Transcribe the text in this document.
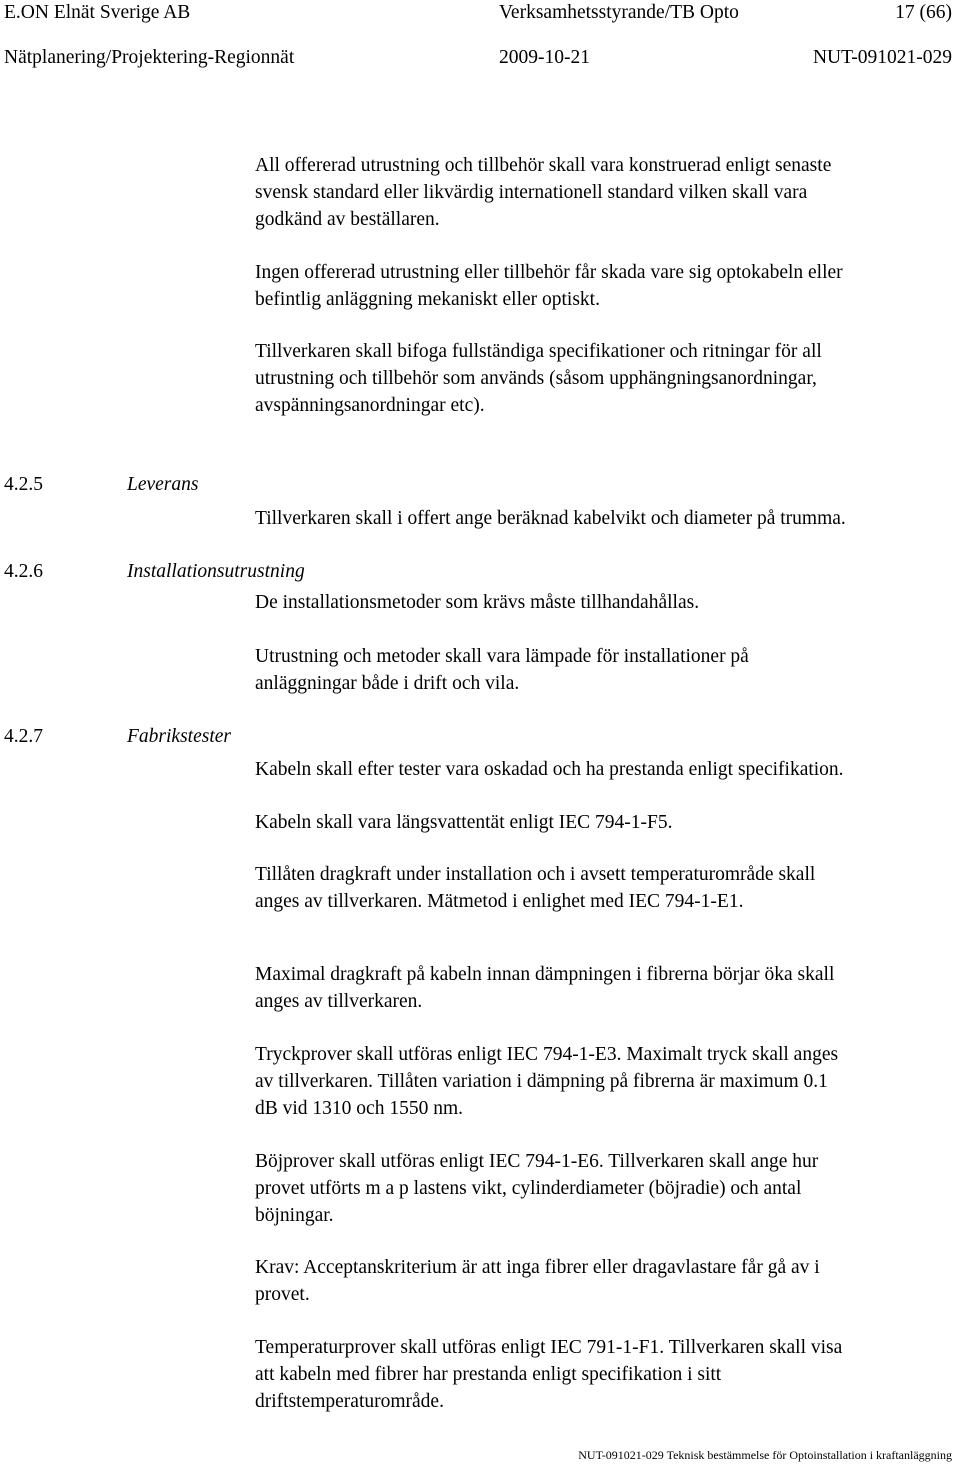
E.ON Elnät Sverige AB	Verksamhetsstyrande/TB Opto	17 (66)
Nätplanering/Projektering-Regionnät	2009-10-21	NUT-091021-029
All offererad utrustning och tillbehör skall vara konstruerad enligt senaste
svensk standard eller likvärdig internationell standard vilken skall vara
godkänd av beställaren.
Ingen offererad utrustning eller tillbehör får skada vare sig optokabeln eller
befintlig anläggning mekaniskt eller optiskt.
Tillverkaren skall bifoga fullständiga specifikationer och ritningar för all
utrustning och tillbehör som används (såsom upphängningsanordningar,
avspänningsanordningar etc).
4.2.5	Leverans
Tillverkaren skall i offert ange beräknad kabelvikt och diameter på trumma.
4.2.6	Installationsutrustning
De installationsmetoder som krävs måste tillhandahållas.
Utrustning och metoder skall vara lämpade för installationer på
anläggningar både i drift och vila.
4.2.7	Fabrikstester
Kabeln skall efter tester vara oskadad och ha prestanda enligt specifikation.
Kabeln skall vara längsvattentät enligt IEC 794-1-F5.
Tillåten dragkraft under installation och i avsett temperaturområde skall
anges av tillverkaren. Mätmetod i enlighet med IEC 794-1-E1.
Maximal dragkraft på kabeln innan dämpningen i fibrerna börjar öka skall
anges av tillverkaren.
Tryckprover skall utföras enligt IEC 794-1-E3. Maximalt tryck skall anges
av tillverkaren. Tillåten variation i dämpning på fibrerna är maximum 0.1
dB vid 1310 och 1550 nm.
Böjprover skall utföras enligt IEC 794-1-E6. Tillverkaren skall ange hur
provet utförts m a p lastens vikt, cylinderdiameter (böjradie) och antal
böjningar.
Krav: Acceptanskriterium är att inga fibrer eller dragavlastare får gå av i
provet.
Temperaturprover skall utföras enligt IEC 791-1-F1. Tillverkaren skall visa
att kabeln med fibrer har prestanda enligt specifikation i sitt
driftstemperaturområde.
NUT-091021-029 Teknisk bestämmelse för Optoinstallation i kraftanläggning
